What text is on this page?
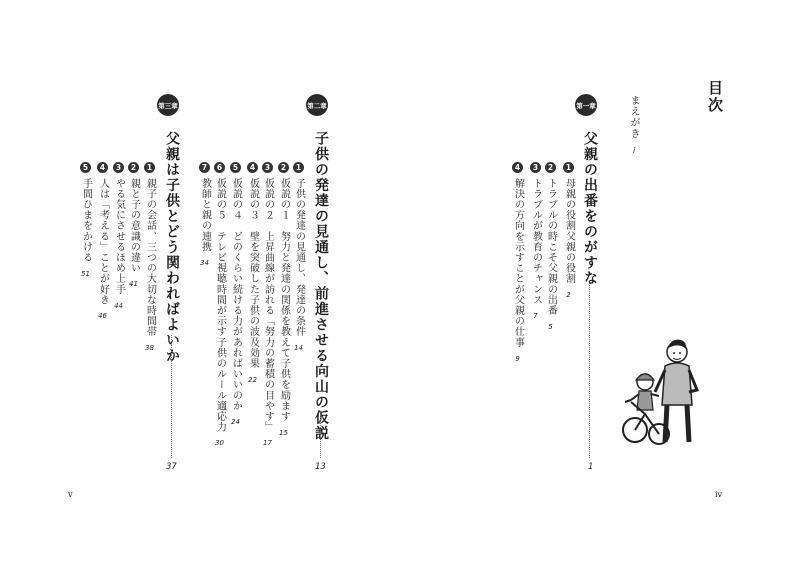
目次
まえがき
i
第一章
父親の出番をのがすな
1
1
母親の役割父親の役割
2
2
トラブルの時こそ父親の出番
5
3
トラブルが教育のチャンス
7
4
解決の方向を示すことが父親の仕事
9
第二章
子供の発達の見通し、前進させる向山の仮説
13
1
子供の発達の見通し、発達の条件
14
2
仮説の１　努力と発達の関係を教えて子供を励ます
15
3
仮説の２　上昇曲線が訪れる「努力の蓄積の目やす」
17
4
仮説の３　壁を突破した子供の波及効果
22
5
仮説の４　どのくらい続ける力があればいいのか
24
6
仮説の５　テレビ視聴時間が示す子供のルール適応力
30
7
教師と親の連携
34
第三章
父親は子供とどう関わればよいか
37
1
親子の会話、三つの大切な時間帯
38
2
親と子の意識の違い
41
3
やる気にさせるほめ上手
44
4
人は「考える」ことが好き
46
5
手間ひまをかける
51
v	iv
